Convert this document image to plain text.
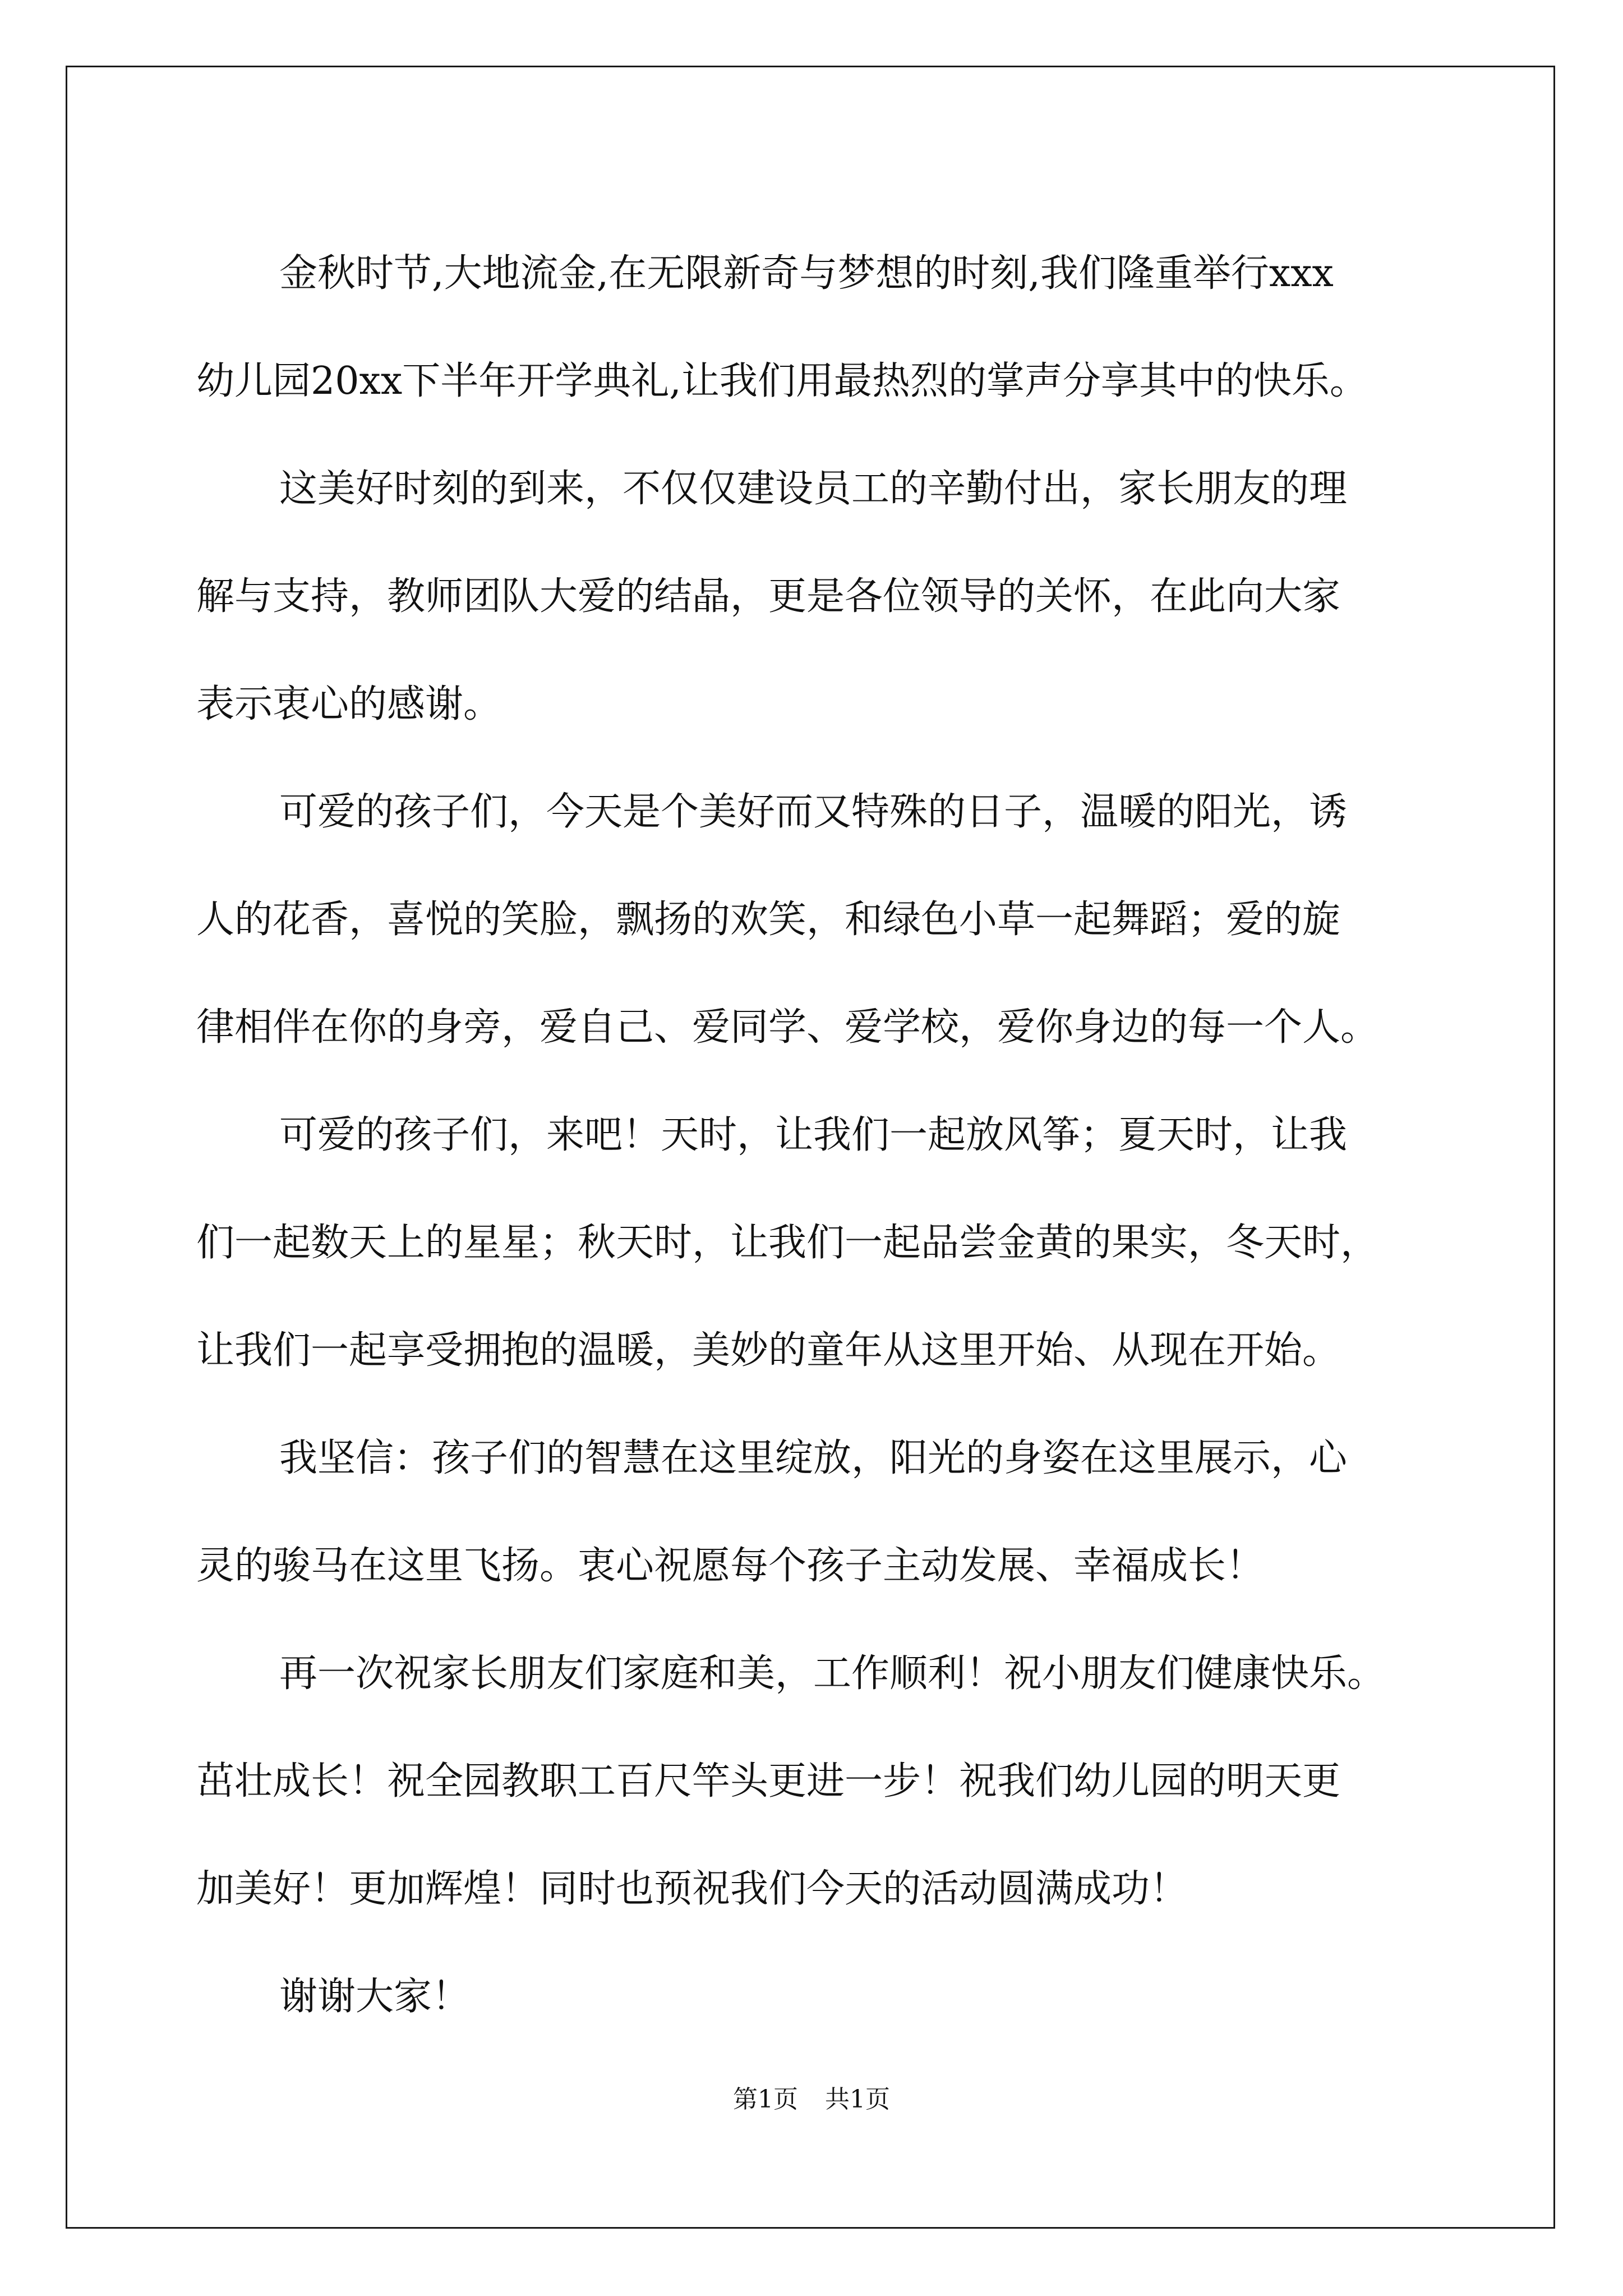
金秋时节,大地流金,在无限新奇与梦想的时刻,我们隆重举行xxx
幼儿园20xx下半年开学典礼,让我们用最热烈的掌声分享其中的快乐。
这美好时刻的到来，不仅仅建设员工的辛勤付出，家长朋友的理
解与支持，教师团队大爱的结晶，更是各位领导的关怀，在此向大家
表示衷心的感谢。
可爱的孩子们，今天是个美好而又特殊的日子，温暖的阳光，诱
人的花香，喜悦的笑脸，飘扬的欢笑，和绿色小草一起舞蹈；爱的旋
律相伴在你的身旁，爱自己、爱同学、爱学校，爱你身边的每一个人。
可爱的孩子们，来吧！天时，让我们一起放风筝；夏天时，让我
们一起数天上的星星；秋天时，让我们一起品尝金黄的果实，冬天时，
让我们一起享受拥抱的温暖，美妙的童年从这里开始、从现在开始。
我坚信：孩子们的智慧在这里绽放，阳光的身姿在这里展示，心
灵的骏马在这里飞扬。衷心祝愿每个孩子主动发展、幸福成长！
再一次祝家长朋友们家庭和美，工作顺利！祝小朋友们健康快乐。
茁壮成长！祝全园教职工百尺竿头更进一步！祝我们幼儿园的明天更
加美好！更加辉煌！同时也预祝我们今天的活动圆满成功！
谢谢大家！
第1页 共1页
